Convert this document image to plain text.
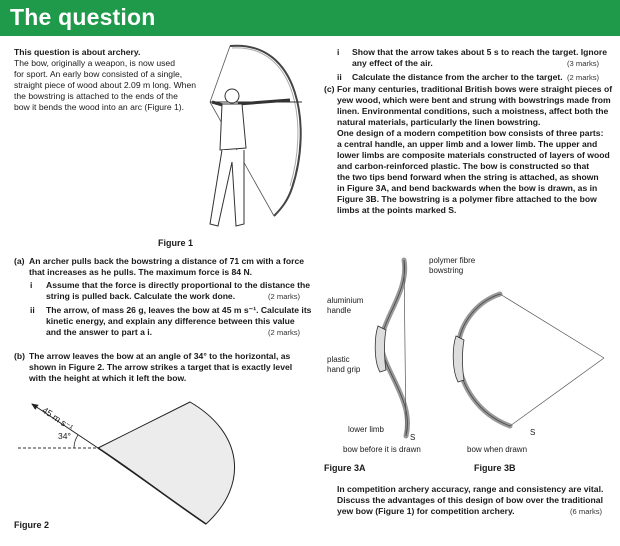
The question
This question is about archery.
The bow, originally a weapon, is now used
for sport. An early bow consisted of a single,
straight piece of wood about 2.09 m long. When
the bowstring is attached to the ends of the
bow it bends the wood into an arc (Figure 1).
Figure 1
(a) An archer pulls back the bowstring a distance of 71 cm with a force
that increases as he pulls. The maximum force is 84 N.
i Assume that the force is directly proportional to the distance the
string is pulled back. Calculate the work done.	(2 marks)
ii The arrow, of mass 26 g, leaves the bow at 45 m s⁻¹. Calculate its
kinetic energy, and explain any difference between this value
and the answer to part a i.	(2 marks)
(b) The arrow leaves the bow at an angle of 34° to the horizontal, as
shown in Figure 2. The arrow strikes a target that is exactly level
with the height at which it left the bow.
45 m s⁻¹
34°
Figure 2
i Show that the arrow takes about 5 s to reach the target. Ignore
any effect of the air.	(3 marks)
ii Calculate the distance from the archer to the target. (2 marks)
(c) For many centuries, traditional British bows were straight pieces of
yew wood, which were bent and strung with bowstrings made from
linen. Environmental conditions, such a moistness, affect both the
natural materials, particularly the linen bowstring.
One design of a modern competition bow consists of three parts:
a central handle, an upper limb and a lower limb. The upper and
lower limbs are composite materials constructed of layers of wood
and carbon-reinforced plastic. The bow is constructed so that
the two tips bend forward when the string is attached, as shown
in Figure 3A, and bend backwards when the bow is drawn, as in
Figure 3B. The bowstring is a polymer fibre attached to the bow
limbs at the points marked S.
polymer fibre
bowstring
aluminium
handle
plastic
hand grip
lower limb
S
bow before it is drawn
Figure 3A
S
bow when drawn
Figure 3B
In competition archery accuracy, range and consistency are vital.
Discuss the advantages of this design of bow over the traditional
yew bow (Figure 1) for competition archery.	(6 marks)
